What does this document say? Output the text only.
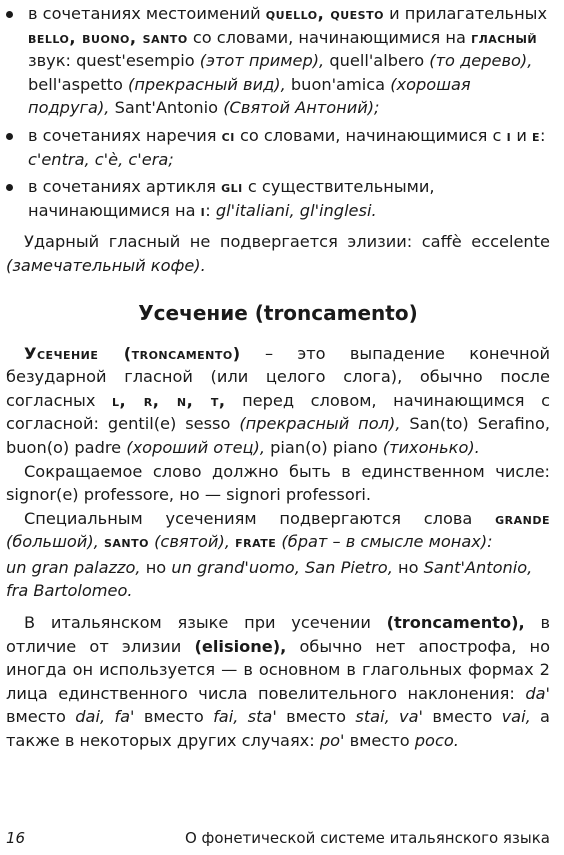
в сочетаниях местоимений quello, questo и прилагательных bello, buono, santo со словами, начинающимися на гласный звук: quest'esempio (этот пример), quell'albero (то дерево), bell'aspetto (прекрасный вид), buon'amica (хорошая подруга), Sant'Antonio (Святой Антоний);
в сочетаниях наречия ci со словами, начинающимися с i и e: c'entra, c'è, c'era;
в сочетаниях артикля gli с существительными, начинающимися на i: gl'italiani, gl'inglesi.

Ударный гласный не подвергается элизии: caffè eccelente (замечательный кофе).

Усечение (troncamento)

Усечение (troncamento) – это выпадение конечной безударной гласной (или целого слога), обычно после согласных l, r, n, t, перед словом, начинающимся с согласной: gentil(e) sesso (прекрасный пол), San(to) Serafino, buon(o) padre (хороший отец), pian(o) piano (тихонько).

Сокращаемое слово должно быть в единственном числе: signor(e) professore, но — signori professori.

Специальным усечениям подвергаются слова grande (большой), santo (святой), frate (брат – в смысле монах):

un gran palazzo, но un grand'uomo, San Pietro, но Sant'Antonio, fra Bartolomeo.

В итальянском языке при усечении (troncamento), в отличие от элизии (elisione), обычно нет апострофа, но иногда он используется — в основном в глагольных формах 2 лица единственного числа повелительного наклонения: da' вместо dai, fa' вместо fai, sta' вместо stai, va' вместо vai, а также в некоторых других случаях: po' вместо poco.

16	О фонетической системе итальянского языка
